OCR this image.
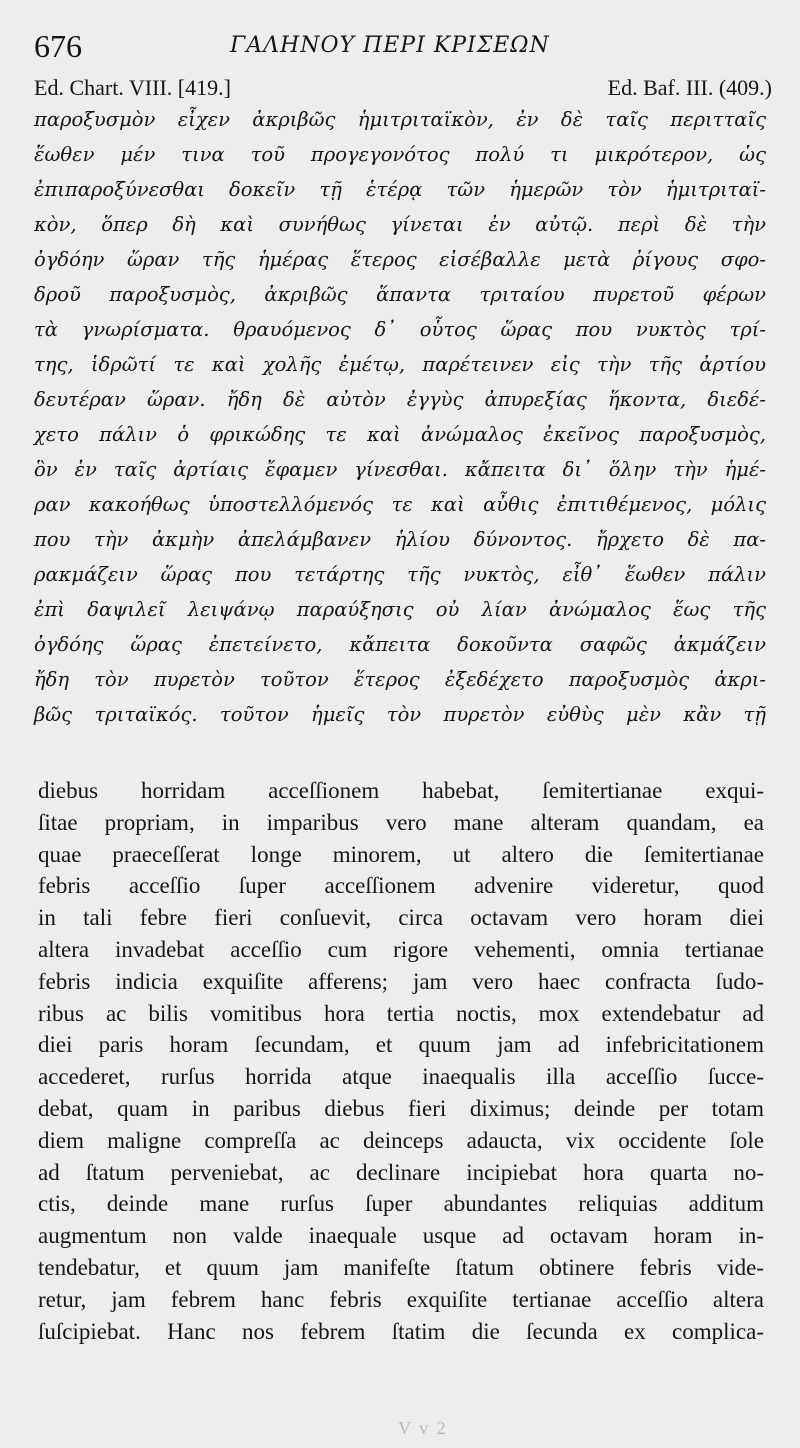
676	ΓΑΛΗΝΟΥ ΠΕΡΙ ΚΡΙΣΕΩΝ
Ed. Chart. VIII. [419.]	Ed. Baf. III. (409.)
παροξυσμὸν εἶχεν ἀκριβῶς ἡμιτριταϊκὸν, ἐν δὲ ταῖς περιτταῖς
ἕωθεν μέν τινα τοῦ προγεγονότος πολύ τι μικρότερον, ὡς
ἐπιπαροξύνεσθαι δοκεῖν τῇ ἑτέρᾳ τῶν ἡμερῶν τὸν ἡμιτριταϊ-
κὸν, ὅπερ δὴ καὶ συνήθως γίνεται ἐν αὐτῷ. περὶ δὲ τὴν
ὀγδόην ὥραν τῆς ἡμέρας ἕτερος εἰσέβαλλε μετὰ ῥίγους σφο-
δροῦ παροξυσμὸς, ἀκριβῶς ἅπαντα τριταίου πυρετοῦ φέρων
τὰ γνωρίσματα. θραυόμενος δ᾽ οὗτος ὥρας που νυκτὸς τρί-
της, ἱδρῶτί τε καὶ χολῆς ἐμέτῳ, παρέτεινεν εἰς τὴν τῆς ἀρτίου
δευτέραν ὥραν. ἤδη δὲ αὐτὸν ἐγγὺς ἀπυρεξίας ἥκοντα, διεδέ-
χετο πάλιν ὁ φρικώδης τε καὶ ἀνώμαλος ἐκεῖνος παροξυσμὸς,
ὃν ἐν ταῖς ἀρτίαις ἔφαμεν γίνεσθαι. κἄπειτα δι᾽ ὅλην τὴν ἡμέ-
ραν κακοήθως ὑποστελλόμενός τε καὶ αὖθις ἐπιτιθέμενος, μόλις
που τὴν ἀκμὴν ἀπελάμβανεν ἡλίου δύνοντος. ἤρχετο δὲ πα-
ρακμάζειν ὥρας που τετάρτης τῆς νυκτὸς, εἶθ᾽ ἕωθεν πάλιν
ἐπὶ δαψιλεῖ λειψάνῳ παραύξησις οὐ λίαν ἀνώμαλος ἕως τῆς
ὀγδόης ὥρας ἐπετείνετο, κἄπειτα δοκοῦντα σαφῶς ἀκμάζειν
ἤδη τὸν πυρετὸν τοῦτον ἕτερος ἐξεδέχετο παροξυσμὸς ἀκρι-
βῶς τριταϊκός. τοῦτον ἡμεῖς τὸν πυρετὸν εὐθὺς μὲν κἂν τῇ
diebus horridam acceſſionem habebat, ſemitertianae exqui-
ſitae propriam, in imparibus vero mane alteram quandam, ea
quae praeceſſerat longe minorem, ut altero die ſemitertianae
febris acceſſio ſuper acceſſionem advenire videretur, quod
in tali febre fieri conſuevit, circa octavam vero horam diei
altera invadebat acceſſio cum rigore vehementi, omnia tertianae
febris indicia exquiſite afferens; jam vero haec confracta ſudo-
ribus ac bilis vomitibus hora tertia noctis, mox extendebatur ad
diei paris horam ſecundam, et quum jam ad infebricitationem
accederet, rurſus horrida atque inaequalis illa acceſſio ſucce-
debat, quam in paribus diebus fieri diximus; deinde per totam
diem maligne compreſſa ac deinceps adaucta, vix occidente ſole
ad ſtatum perveniebat, ac declinare incipiebat hora quarta no-
ctis, deinde mane rurſus ſuper abundantes reliquias additum
augmentum non valde inaequale usque ad octavam horam in-
tendebatur, et quum jam manifeſte ſtatum obtinere febris vide-
retur, jam febrem hanc febris exquiſite tertianae acceſſio altera
ſuſcipiebat. Hanc nos febrem ſtatim die ſecunda ex complica-
V v 2
